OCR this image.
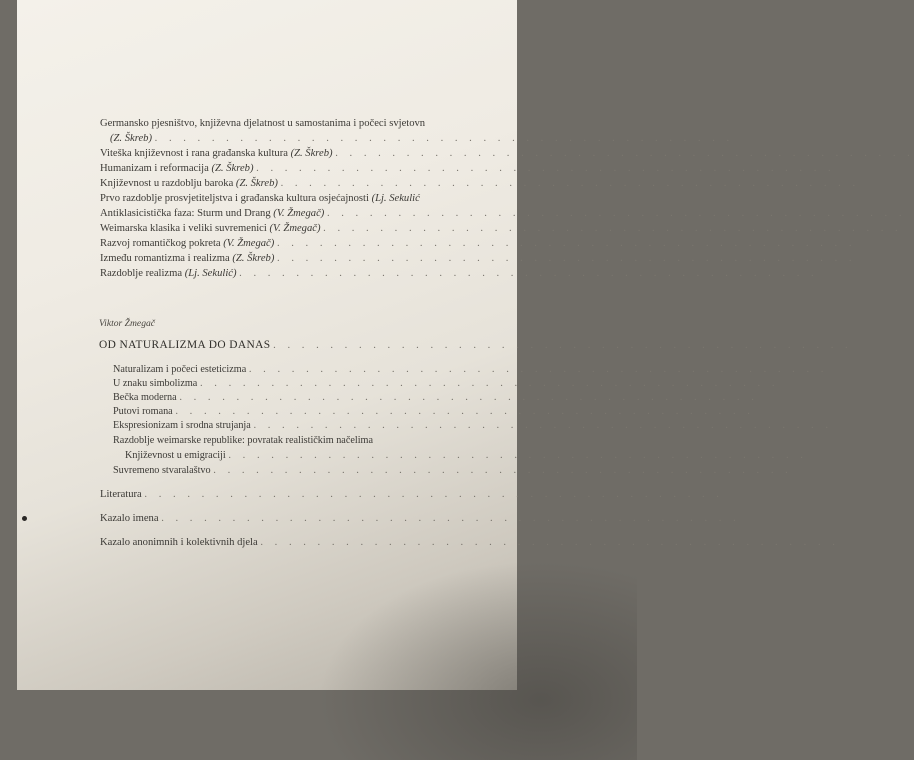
Germansko pjesništvo, književna djelatnost u samostanima i počeci svjetovn
(Z. Škreb) . . . . . . . . . . . . . . . . . . . . . . . . . . . . . . . . . . . . . . . . .
Viteška književnost i rana građanska kultura (Z. Škreb) . . . . . . . . . . . . . . . . . . . . . . . . . . . . . . . . . . . . . . . . .
Humanizam i reformacija (Z. Škreb) . . . . . . . . . . . . . . . . . . . . . . . . . . . . . . . . . . . . . . . . .
Književnost u razdoblju baroka (Z. Škreb) . . . . . . . . . . . . . . . . . . . . . . . . . . . . . . . . . . . . . . . . .
Prvo razdoblje prosvjetiteljstva i građanska kultura osjećajnosti (Lj. Sekulić
Antiklasicistička faza: Sturm und Drang (V. Žmegač) . . . . . . . . . . . . . . . . . . . . . . . . . . . . . . . . . . . . . . . . .
Weimarska klasika i veliki suvremenici (V. Žmegač) . . . . . . . . . . . . . . . . . . . . . . . . . . . . . . . . . . . . . . . . .
Razvoj romantičkog pokreta (V. Žmegač) . . . . . . . . . . . . . . . . . . . . . . . . . . . . . . . . . . . . . . . . .
Između romantizma i realizma (Z. Škreb) . . . . . . . . . . . . . . . . . . . . . . . . . . . . . . . . . . . . . . . . .
Razdoblje realizma (Lj. Sekulić) . . . . . . . . . . . . . . . . . . . . . . . . . . . . . . . . . . . . . . . . .
Viktor Žmegač
OD NATURALIZMA DO DANAS . . . . . . . . . . . . . . . . . . . . . . . . . . . . . . . . . . . . . . . . .
Naturalizam i počeci esteticizma . . . . . . . . . . . . . . . . . . . . . . . . . . . . . . . . . . . . . . . . .
U znaku simbolizma . . . . . . . . . . . . . . . . . . . . . . . . . . . . . . . . . . . . . . . . .
Bečka moderna . . . . . . . . . . . . . . . . . . . . . . . . . . . . . . . . . . . . . . . . .
Putovi romana . . . . . . . . . . . . . . . . . . . . . . . . . . . . . . . . . . . . . . . . .
Ekspresionizam i srodna strujanja . . . . . . . . . . . . . . . . . . . . . . . . . . . . . . . . . . . . . . . . .
Razdoblje weimarske republike: povratak realističkim načelima
Književnost u emigraciji . . . . . . . . . . . . . . . . . . . . . . . . . . . . . . . . . . . . . . . . .
Suvremeno stvaralaštvo . . . . . . . . . . . . . . . . . . . . . . . . . . . . . . . . . . . . . . . . .
Literatura . . . . . . . . . . . . . . . . . . . . . . . . . . . . . . . . . . . . . . . . .
Kazalo imena . . . . . . . . . . . . . . . . . . . . . . . . . . . . . . . . . . . . . . . . .
Kazalo anonimnih i kolektivnih djela . . . . . . . . . . . . . . . . . . . . . . . . . . . . . . . . . . . . . . . . .
